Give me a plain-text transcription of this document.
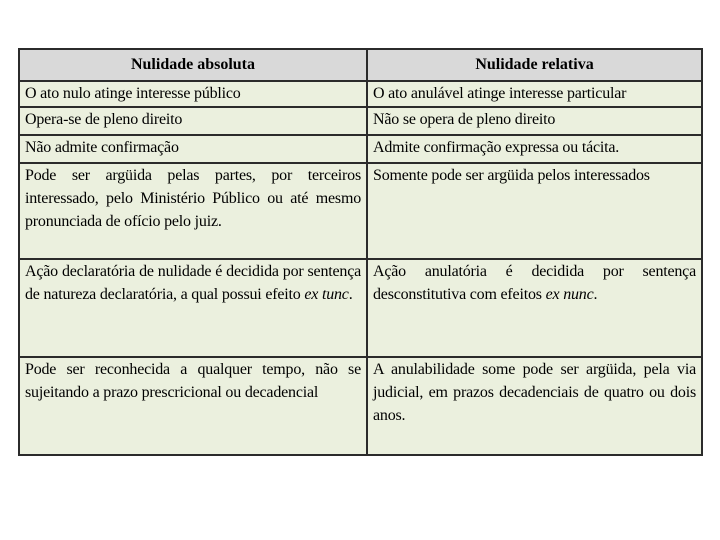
Nulidade absoluta	Nulidade relativa
O ato nulo atinge interesse público	O ato anulável atinge interesse particular
Opera-se de pleno direito	Não se opera de pleno direito
Não admite confirmação	Admite confirmação expressa ou tácita.
Pode ser argüida pelas partes, por terceiros interessado, pelo Ministério Público ou até mesmo pronunciada de ofício pelo juiz.	Somente pode ser argüida pelos interessados
Ação declaratória de nulidade é decidida por sentença de natureza declaratória, a qual possui efeito ex tunc.	Ação anulatória é decidida por sentença desconstitutiva com efeitos ex nunc.
Pode ser reconhecida a qualquer tempo, não se sujeitando a prazo prescricional ou decadencial	A anulabilidade some pode ser argüida, pela via judicial, em prazos decadenciais de quatro ou dois anos.
